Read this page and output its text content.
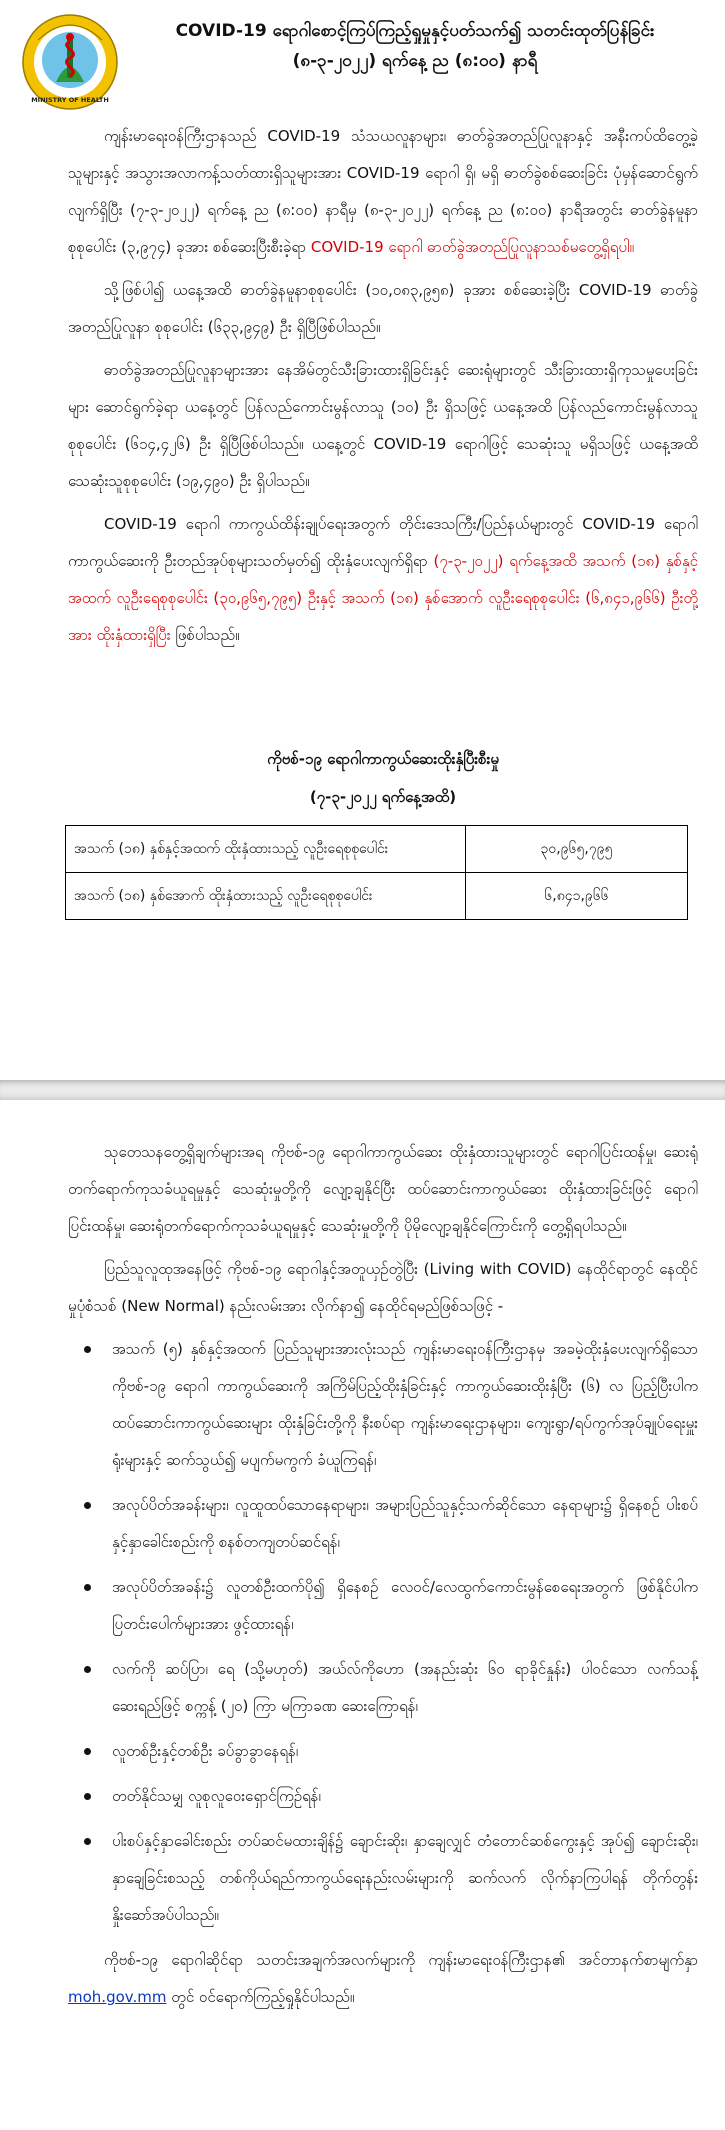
MINISTRY OF HEALTH
COVID-19 ရောဂါစောင့်ကြပ်ကြည့်ရှုမှုနှင့်ပတ်သက်၍ သတင်းထုတ်ပြန်ခြင်း
(၈-၃-၂၀၂၂) ရက်နေ့ ည (၈:၀၀) နာရီ

ကျန်းမာရေးဝန်ကြီးဌာနသည် COVID-19 သံသယလူနာများ၊ ဓာတ်ခွဲအတည်ပြုလူနာနှင့် အနီးကပ်ထိတွေ့ခဲ့သူများနှင့် အသွားအလာကန့်သတ်ထားရှိသူများအား COVID-19 ရောဂါ ရှိ၊ မရှိ ဓာတ်ခွဲစစ်ဆေးခြင်း ပုံမှန်ဆောင်ရွက်လျက်ရှိပြီး (၇-၃-၂၀၂၂) ရက်နေ့ ည (၈:၀၀) နာရီမှ (၈-၃-၂၀၂၂) ရက်နေ့ ည (၈:၀၀) နာရီအတွင်း ဓာတ်ခွဲနမူနာစုစုပေါင်း (၃,၉၇၄) ခုအား စစ်ဆေးပြီးစီးခဲ့ရာ COVID-19 ရောဂါ ဓာတ်ခွဲအတည်ပြုလူနာသစ်မတွေ့ရှိရပါ။

သို့ဖြစ်ပါ၍ ယနေ့အထိ ဓာတ်ခွဲနမူနာစုစုပေါင်း (၁၀,၀၈၃,၉၅၈) ခုအား စစ်ဆေးခဲ့ပြီး COVID-19 ဓာတ်ခွဲအတည်ပြုလူနာ စုစုပေါင်း (၆၃၃,၉၄၉) ဦး ရှိပြီဖြစ်ပါသည်။

ဓာတ်ခွဲအတည်ပြုလူနာများအား နေအိမ်တွင်သီးခြားထားရှိခြင်းနှင့် ဆေးရုံများတွင် သီးခြားထားရှိကုသမှုပေးခြင်းများ ဆောင်ရွက်ခဲ့ရာ ယနေ့တွင် ပြန်လည်ကောင်းမွန်လာသူ (၁၀) ဦး ရှိသဖြင့် ယနေ့အထိ ပြန်လည်ကောင်းမွန်လာသူ စုစုပေါင်း (၆၁၄,၄၂၆) ဦး ရှိပြီဖြစ်ပါသည်။ ယနေ့တွင် COVID-19 ရောဂါဖြင့် သေဆုံးသူ မရှိသဖြင့် ယနေ့အထိ သေဆုံးသူစုစုပေါင်း (၁၉,၄၉၀) ဦး ရှိပါသည်။

COVID-19 ရောဂါ ကာကွယ်ထိန်းချုပ်ရေးအတွက် တိုင်းဒေသကြီး/ပြည်နယ်များတွင် COVID-19 ရောဂါကာကွယ်ဆေးကို ဦးတည်အုပ်စုများသတ်မှတ်၍ ထိုးနှံပေးလျက်ရှိရာ (၇-၃-၂၀၂၂) ရက်နေ့အထိ အသက် (၁၈) နှစ်နှင့်အထက် လူဦးရေစုစုပေါင်း (၃၀,၉၆၅,၇၉၅) ဦးနှင့် အသက် (၁၈) နှစ်အောက် လူဦးရေစုစုပေါင်း (၆,၈၄၁,၉၆၆) ဦးတို့အား ထိုးနှံထားရှိပြီး ဖြစ်ပါသည်။

ကိုဗစ်-၁၉ ရောဂါကာကွယ်ဆေးထိုးနှံပြီးစီးမှု
(၇-၃-၂၀၂၂ ရက်နေ့အထိ)
အသက် (၁၈) နှစ်နှင့်အထက် ထိုးနှံထားသည့် လူဦးရေစုစုပေါင်း	၃၀,၉၆၅,၇၉၅
အသက် (၁၈) နှစ်အောက် ထိုးနှံထားသည့် လူဦးရေစုစုပေါင်း	၆,၈၄၁,၉၆၆

သုတေသနတွေ့ရှိချက်များအရ ကိုဗစ်-၁၉ ရောဂါကာကွယ်ဆေး ထိုးနှံထားသူများတွင် ရောဂါပြင်းထန်မှု၊ ဆေးရုံတက်ရောက်ကုသခံယူရမှုနှင့် သေဆုံးမှုတို့ကို လျော့ချနိုင်ပြီး ထပ်ဆောင်းကာကွယ်ဆေး ထိုးနှံထားခြင်းဖြင့် ရောဂါပြင်းထန်မှု၊ ဆေးရုံတက်ရောက်ကုသခံယူရမှုနှင့် သေဆုံးမှုတို့ကို ပိုမိုလျော့ချနိုင်ကြောင်းကို တွေ့ရှိရပါသည်။

ပြည်သူလူထုအနေဖြင့် ကိုဗစ်-၁၉ ရောဂါနှင့်အတူယှဉ်တွဲပြီး (Living with COVID) နေထိုင်ရာတွင် နေထိုင်မှုပုံစံသစ် (New Normal) နည်းလမ်းအား လိုက်နာ၍ နေထိုင်ရမည်ဖြစ်သဖြင့် -

အသက် (၅) နှစ်နှင့်အထက် ပြည်သူများအားလုံးသည် ကျန်းမာရေးဝန်ကြီးဌာနမှ အခမဲ့ထိုးနှံပေးလျက်ရှိသော ကိုဗစ်-၁၉ ရောဂါ ကာကွယ်ဆေးကို အကြိမ်ပြည့်ထိုးနှံခြင်းနှင့် ကာကွယ်ဆေးထိုးနှံပြီး (၆) လ ပြည့်ပြီးပါက ထပ်ဆောင်းကာကွယ်ဆေးများ ထိုးနှံခြင်းတို့ကို နီးစပ်ရာ ကျန်းမာရေးဌာနများ၊ ကျေးရွာ/ရပ်ကွက်အုပ်ချုပ်ရေးမှူးရုံးများနှင့် ဆက်သွယ်၍ မပျက်မကွက် ခံယူကြရန်၊
အလုပ်ပိတ်အခန်းများ၊ လူထူထပ်သောနေရာများ၊ အများပြည်သူနှင့်သက်ဆိုင်သော နေရာများ၌ ရှိနေစဉ် ပါးစပ်နှင့်နှာခေါင်းစည်းကို စနစ်တကျတပ်ဆင်ရန်၊
အလုပ်ပိတ်အခန်း၌ လူတစ်ဦးထက်ပို၍ ရှိနေစဉ် လေဝင်/လေထွက်ကောင်းမွန်စေရေးအတွက် ဖြစ်နိုင်ပါက ပြတင်းပေါက်များအား ဖွင့်ထားရန်၊
လက်ကို ဆပ်ပြာ၊ ရေ (သို့မဟုတ်) အယ်လ်ကိုဟော (အနည်းဆုံး ၆၀ ရာခိုင်နှုန်း) ပါဝင်သော လက်သန့်ဆေးရည်ဖြင့် စက္ကန့် (၂၀) ကြာ မကြာခဏ ဆေးကြောရန်၊
လူတစ်ဦးနှင့်တစ်ဦး ခပ်ခွာခွာနေရန်၊
တတ်နိုင်သမျှ လူစုလူဝေးရှောင်ကြဉ်ရန်၊
ပါးစပ်နှင့်နှာခေါင်းစည်း တပ်ဆင်မထားချိန်၌ ချောင်းဆိုး၊ နှာချေလျှင် တံတောင်ဆစ်ကွေးနှင့် အုပ်၍ ချောင်းဆိုး၊ နှာချေခြင်းစသည့် တစ်ကိုယ်ရည်ကာကွယ်ရေးနည်းလမ်းများကို ဆက်လက် လိုက်နာကြပါရန် တိုက်တွန်းနှိုးဆော်အပ်ပါသည်။

ကိုဗစ်-၁၉ ရောဂါဆိုင်ရာ သတင်းအချက်အလက်များကို ကျန်းမာရေးဝန်ကြီးဌာန၏ အင်တာနက်စာမျက်နှာ moh.gov.mm တွင် ဝင်ရောက်ကြည့်ရှုနိုင်ပါသည်။
